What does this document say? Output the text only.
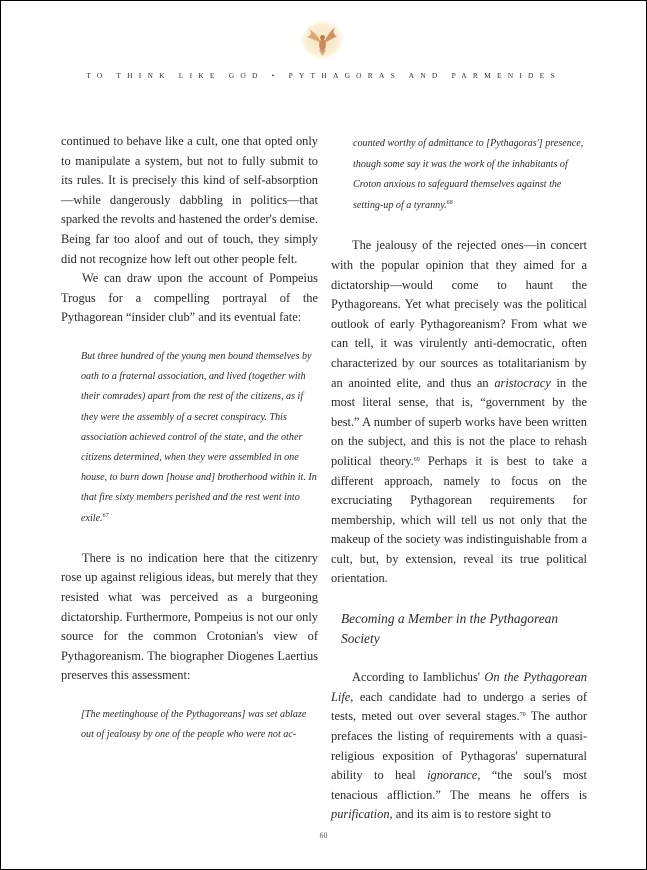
TO THINK LIKE GOD • PYTHAGORAS AND PARMENIDES

continued to behave like a cult, one that opted only to manipulate a system, but not to fully submit to its rules. It is precisely this kind of self-absorption—while dangerously dabbling in politics—that sparked the revolts and hastened the order's demise. Being far too aloof and out of touch, they simply did not recognize how left out other people felt.

We can draw upon the account of Pompeius Trogus for a compelling portrayal of the Pythagorean “insider club” and its eventual fate:

But three hundred of the young men bound themselves by oath to a fraternal association, and lived (together with their comrades) apart from the rest of the citizens, as if they were the assembly of a secret conspiracy. This association achieved control of the state, and the other citizens determined, when they were assembled in one house, to burn down [house and] brotherhood within it. In that fire sixty members perished and the rest went into exile.$^{67}$

There is no indication here that the citizenry rose up against religious ideas, but merely that they resisted what was perceived as a burgeoning dictatorship. Furthermore, Pompeius is not our only source for the common Crotonian's view of Pythagoreanism. The biographer Diogenes Laertius preserves this assessment:

[The meetinghouse of the Pythagoreans] was set ablaze out of jealousy by one of the people who were not ac-

counted worthy of admittance to [Pythagoras'] presence, though some say it was the work of the inhabitants of Croton anxious to safeguard themselves against the setting-up of a tyranny.$^{68}$

The jealousy of the rejected ones—in concert with the popular opinion that they aimed for a dictatorship—would come to haunt the Pythagoreans. Yet what precisely was the political outlook of early Pythagoreanism? From what we can tell, it was virulently anti-democratic, often characterized by our sources as totalitarianism by an anointed elite, and thus an aristocracy in the most literal sense, that is, “government by the best.” A number of superb works have been written on the subject, and this is not the place to rehash political theory.$^{69}$ Perhaps it is best to take a different approach, namely to focus on the excruciating Pythagorean requirements for membership, which will tell us not only that the makeup of the society was indistinguishable from a cult, but, by extension, reveal its true political orientation.

Becoming a Member in the Pythagorean Society

According to Iamblichus' On the Pythagorean Life, each candidate had to undergo a series of tests, meted out over several stages.$^{70}$ The author prefaces the listing of requirements with a quasi-religious exposition of Pythagoras' supernatural ability to heal ignorance, “the soul's most tenacious affliction.” The means he offers is purification, and its aim is to restore sight to

60
